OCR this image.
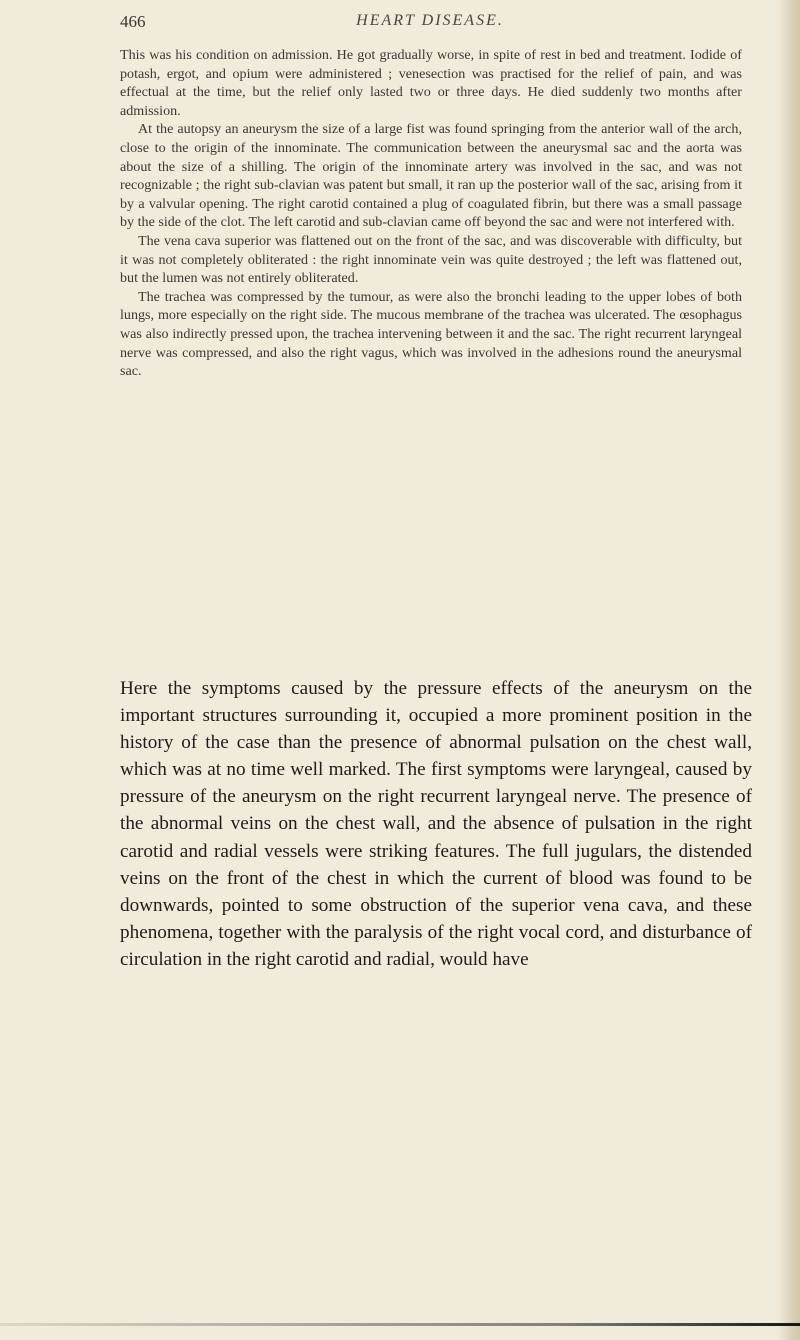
466	HEART DISEASE.

This was his condition on admission. He got gradually worse, in spite of rest in bed and treatment. Iodide of potash, ergot, and opium were administered ; venesection was practised for the relief of pain, and was effectual at the time, but the relief only lasted two or three days. He died suddenly two months after admission.

At the autopsy an aneurysm the size of a large fist was found springing from the anterior wall of the arch, close to the origin of the innominate. The communication between the aneurysmal sac and the aorta was about the size of a shilling. The origin of the innominate artery was involved in the sac, and was not recognizable ; the right sub-clavian was patent but small, it ran up the posterior wall of the sac, arising from it by a valvular opening. The right carotid contained a plug of coagulated fibrin, but there was a small passage by the side of the clot. The left carotid and sub-clavian came off beyond the sac and were not interfered with.

The vena cava superior was flattened out on the front of the sac, and was discoverable with difficulty, but it was not completely obliterated : the right innominate vein was quite destroyed ; the left was flattened out, but the lumen was not entirely obliterated.

The trachea was compressed by the tumour, as were also the bronchi leading to the upper lobes of both lungs, more especially on the right side. The mucous membrane of the trachea was ulcerated. The œsophagus was also indirectly pressed upon, the trachea intervening between it and the sac. The right recurrent laryngeal nerve was compressed, and also the right vagus, which was involved in the adhesions round the aneurysmal sac.

Here the symptoms caused by the pressure effects of the aneurysm on the important structures surrounding it, occupied a more prominent position in the history of the case than the presence of abnormal pulsation on the chest wall, which was at no time well marked. The first symptoms were laryngeal, caused by pressure of the aneurysm on the right recurrent laryngeal nerve. The presence of the abnormal veins on the chest wall, and the absence of pulsation in the right carotid and radial vessels were striking features. The full jugulars, the distended veins on the front of the chest in which the current of blood was found to be downwards, pointed to some obstruction of the superior vena cava, and these phenomena, together with the paralysis of the right vocal cord, and disturbance of circulation in the right carotid and radial, would have
